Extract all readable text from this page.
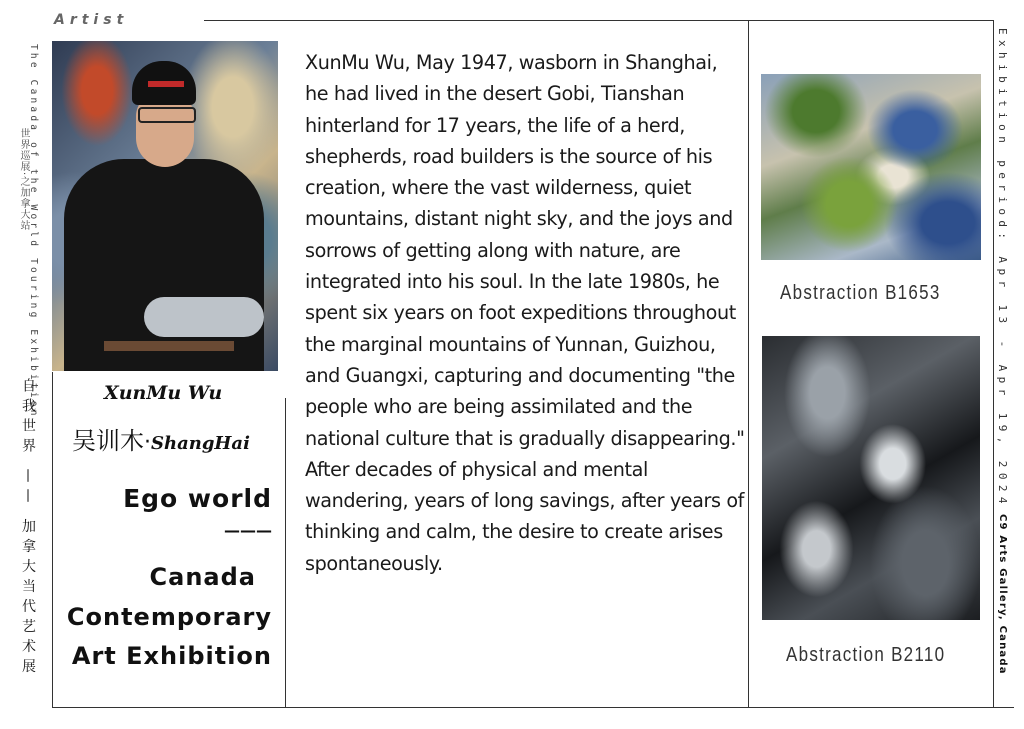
Artist
The Canada of the World Touring Exhibition
世界巡展·之加拿大站
自我世界 —— 加拿大当代艺术展
Exhibition period: Apr 13 - Apr 19, 2024
C9 Arts Gallery, Canada
XunMu Wu
吴训木·ShangHai
Ego world
———
Canada
Contemporary
Art Exhibition

XunMu Wu, May 1947, wasborn in Shanghai, he had lived in the desert Gobi, Tianshan hinterland for 17 years, the life of a herd, shepherds, road builders is the source of his creation, where the vast wilderness, quiet mountains, distant night sky, and the joys and sorrows of getting along with nature, are integrated into his soul. In the late 1980s, he spent six years on foot expeditions throughout the marginal mountains of Yunnan, Guizhou, and Guangxi, capturing and documenting "the people who are being assimilated and the national culture that is gradually disappearing." After decades of physical and mental wandering, years of long savings, after years of thinking and calm, the desire to create arises spontaneously.

Abstraction B1653
Abstraction B2110
